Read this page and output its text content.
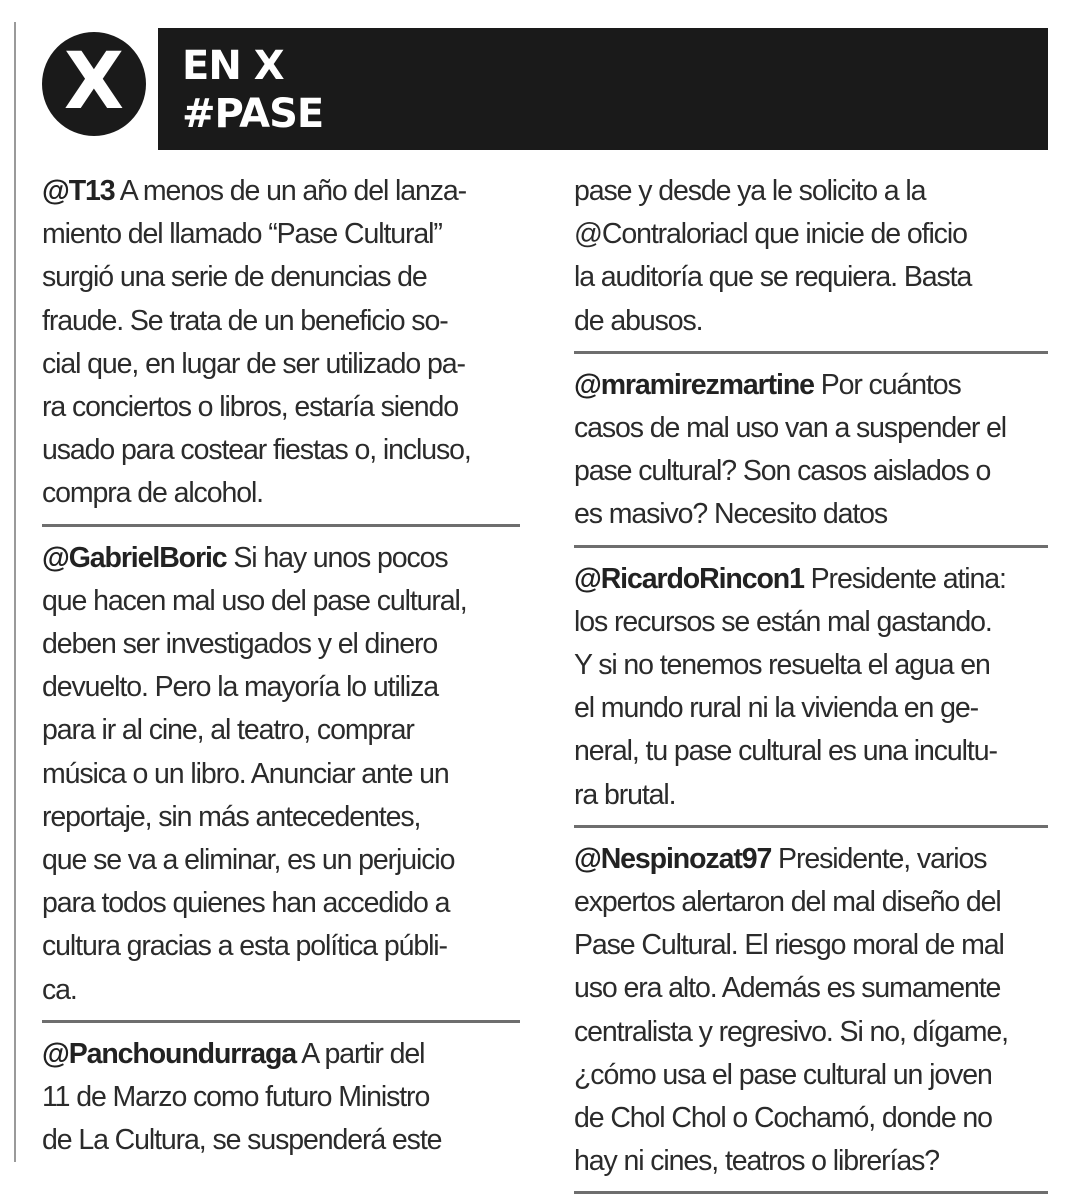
X EN X
#PASE

@T13 A menos de un año del lanza-

miento del llamado “Pase Cultural”

surgió una serie de denuncias de

fraude. Se trata de un beneficio so-

cial que, en lugar de ser utilizado pa-

ra conciertos o libros, estaría siendo

usado para costear fiestas o, incluso,

compra de alcohol.

@GabrielBoric Si hay unos pocos

que hacen mal uso del pase cultural,

deben ser investigados y el dinero

devuelto. Pero la mayoría lo utiliza

para ir al cine, al teatro, comprar

música o un libro. Anunciar ante un

reportaje, sin más antecedentes,

que se va a eliminar, es un perjuicio

para todos quienes han accedido a

cultura gracias a esta política públi-

ca.

@Panchoundurraga A partir del

11 de Marzo como futuro Ministro

de La Cultura, se suspenderá este

pase y desde ya le solicito a la

@Contraloriacl que inicie de oficio

la auditoría que se requiera. Basta

de abusos.

@mramirezmartine Por cuántos

casos de mal uso van a suspender el

pase cultural? Son casos aislados o

es masivo? Necesito datos

@RicardoRincon1 Presidente atina:

los recursos se están mal gastando.

Y si no tenemos resuelta el agua en

el mundo rural ni la vivienda en ge-

neral, tu pase cultural es una incultu-

ra brutal.

@Nespinozat97 Presidente, varios

expertos alertaron del mal diseño del

Pase Cultural. El riesgo moral de mal

uso era alto. Además es sumamente

centralista y regresivo. Si no, dígame,

¿cómo usa el pase cultural un joven

de Chol Chol o Cochamó, donde no

hay ni cines, teatros o librerías?
